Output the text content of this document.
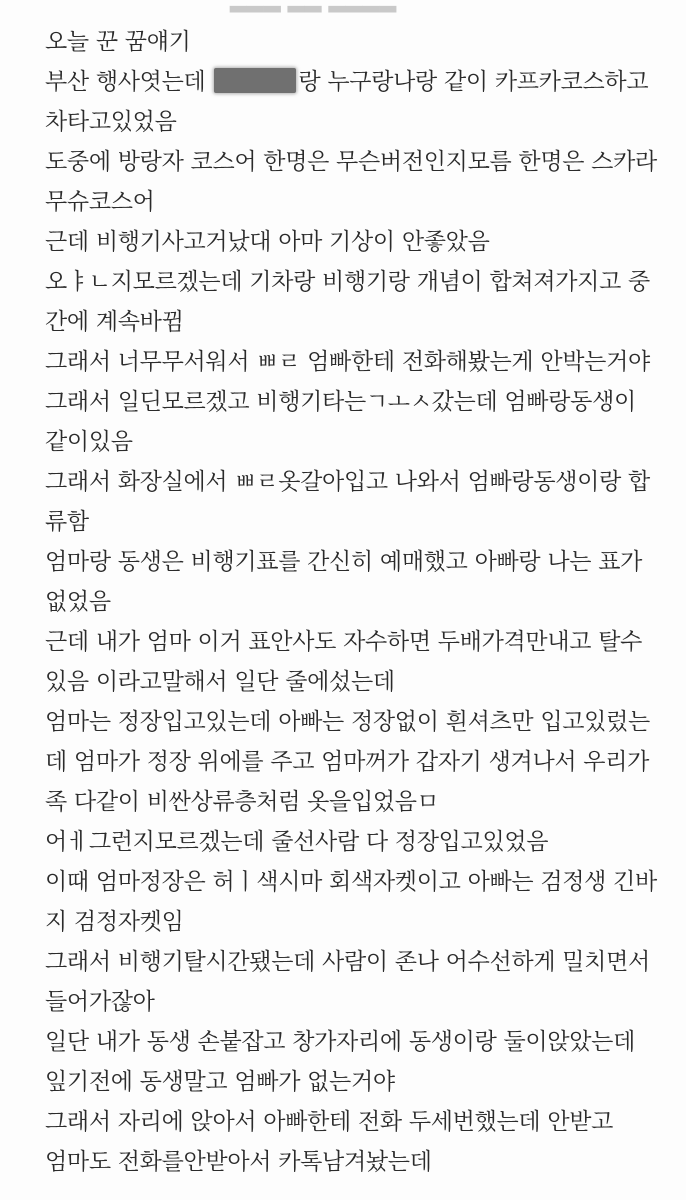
▂▂▂ ▂▂ ▂▂▂▂
오늘 꾼 꿈얘기
부산 행사엿는데	랑 누구랑나랑 같이 카프카코스하고
차타고있었음
도중에 방랑자 코스어 한명은 무슨버전인지모름 한명은 스카라
무슈코스어
근데 비행기사고거났대 아마 기상이 안좋았음
오ㅑㄴ지모르겠는데 기차랑 비행기랑 개념이 합쳐져가지고 중
간에 계속바뀜
그래서 너무무서워서 ㅃㄹ 엄빠한테 전화해봤는게 안박는거야
그래서 일딘모르겠고 비행기타는ㄱㅗㅅ갔는데 엄빠랑동생이
같이있음
그래서 화장실에서 ㅃㄹ옷갈아입고 나와서 엄빠랑동생이랑 합
류함
엄마랑 동생은 비행기표를 간신히 예매했고 아빠랑 나는 표가
없었음
근데 내가 엄마 이거 표안사도 자수하면 두배가격만내고 탈수
있음 이라고말해서 일단 줄에섰는데
엄마는 정장입고있는데 아빠는 정장없이 흰셔츠만 입고있렀는
데 엄마가 정장 위에를 주고 엄마꺼가 갑자기 생겨나서 우리가
족 다같이 비싼상류층처럼 옷을입었음ㅁ
어ㅔ그런지모르겠는데 줄선사람 다 정장입고있었음
이때 엄마정장은 허ㅣ색시마 회색자켓이고 아빠는 검정생 긴바
지 검정자켓임
그래서 비행기탈시간됐는데 사람이 존나 어수선하게 밀치면서
들어가잖아
일단 내가 동생 손붙잡고 창가자리에 동생이랑 둘이앉았는데
잎기전에 동생말고 엄빠가 없는거야
그래서 자리에 앉아서 아빠한테 전화 두세번했는데 안받고
엄마도 전화를안받아서 카톡남겨놨는데
